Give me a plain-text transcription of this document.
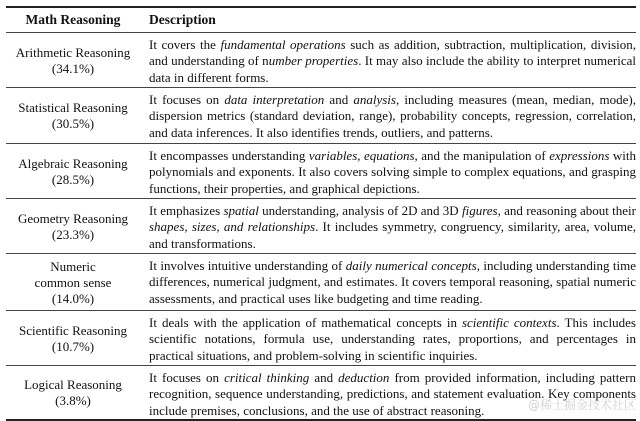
Math Reasoning	Description
Arithmetic Reasoning
(34.1%)
It covers the fundamental operations such as addition, subtraction, multiplication, division, and understanding of number properties. It may also include the ability to interpret numerical data in different forms.
Statistical Reasoning
(30.5%)
It focuses on data interpretation and analysis, including measures (mean, median, mode), dispersion metrics (standard deviation, range), probability concepts, regression, correlation, and data inferences. It also identifies trends, outliers, and patterns.
Algebraic Reasoning
(28.5%)
It encompasses understanding variables, equations, and the manipulation of expressions with polynomials and exponents. It also covers solving simple to complex equations, and grasping functions, their properties, and graphical depictions.
Geometry Reasoning
(23.3%)
It emphasizes spatial understanding, analysis of 2D and 3D figures, and reasoning about their shapes, sizes, and relationships. It includes symmetry, congruency, similarity, area, volume, and transformations.
Numeric common sense
(14.0%)
It involves intuitive understanding of daily numerical concepts, including understanding time differences, numerical judgment, and estimates. It covers temporal reasoning, spatial numeric assessments, and practical uses like budgeting and time reading.
Scientific Reasoning
(10.7%)
It deals with the application of mathematical concepts in scientific contexts. This includes scientific notations, formula use, understanding rates, proportions, and percentages in practical situations, and problem-solving in scientific inquiries.
Logical Reasoning
(3.8%)
It focuses on critical thinking and deduction from provided information, including pattern recognition, sequence understanding, predictions, and statement evaluation. Key components include premises, conclusions, and the use of abstract reasoning.	@稀土掘金技术社区
